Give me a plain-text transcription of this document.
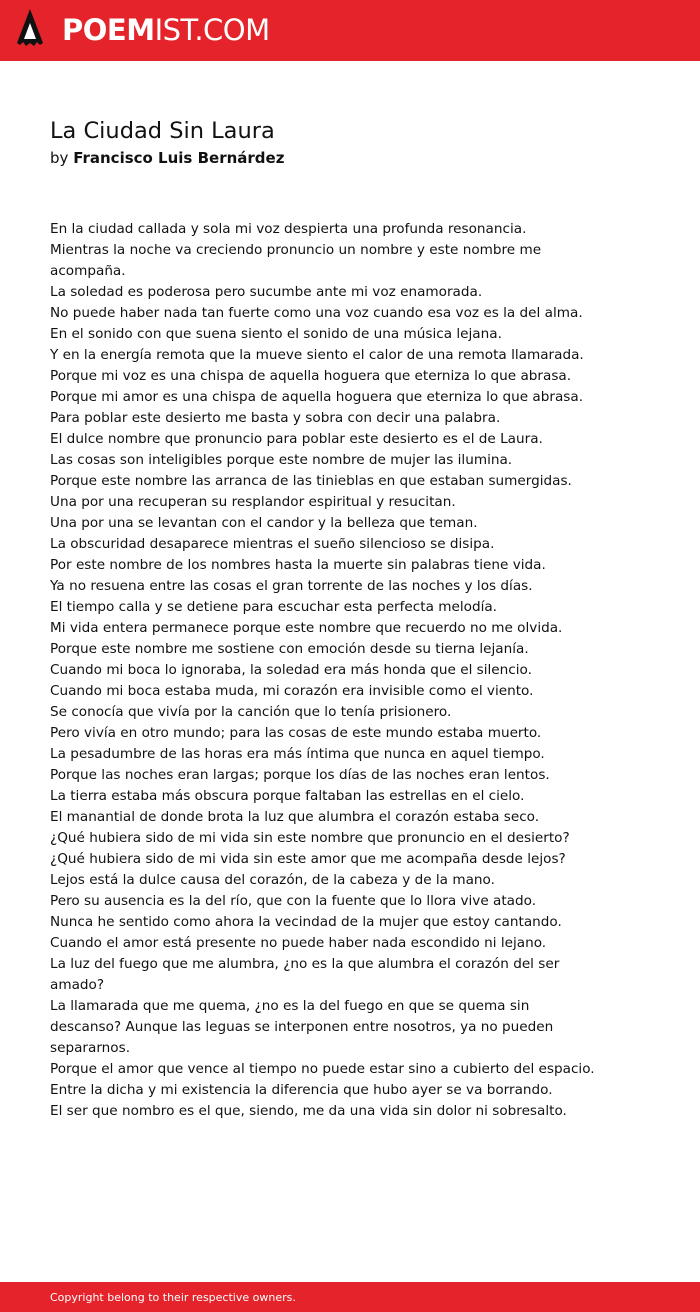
POEMIST.COM
La Ciudad Sin Laura
by Francisco Luis Bernárdez
En la ciudad callada y sola mi voz despierta una profunda resonancia.
Mientras la noche va creciendo pronuncio un nombre y este nombre me acompaña.
La soledad es poderosa pero sucumbe ante mi voz enamorada.
No puede haber nada tan fuerte como una voz cuando esa voz es la del alma.
En el sonido con que suena siento el sonido de una música lejana.
Y en la energía remota que la mueve siento el calor de una remota llamarada.
Porque mi voz es una chispa de aquella hoguera que eterniza lo que abrasa.
Porque mi amor es una chispa de aquella hoguera que eterniza lo que abrasa.
Para poblar este desierto me basta y sobra con decir una palabra.
El dulce nombre que pronuncio para poblar este desierto es el de Laura.
Las cosas son inteligibles porque este nombre de mujer las ilumina.
Porque este nombre las arranca de las tinieblas en que estaban sumergidas.
Una por una recuperan su resplandor espiritual y resucitan.
Una por una se levantan con el candor y la belleza que teman.
La obscuridad desaparece mientras el sueño silencioso se disipa.
Por este nombre de los nombres hasta la muerte sin palabras tiene vida.
Ya no resuena entre las cosas el gran torrente de las noches y los días.
El tiempo calla y se detiene para escuchar esta perfecta melodía.
Mi vida entera permanece porque este nombre que recuerdo no me olvida.
Porque este nombre me sostiene con emoción desde su tierna lejanía.
Cuando mi boca lo ignoraba, la soledad era más honda que el silencio.
Cuando mi boca estaba muda, mi corazón era invisible como el viento.
Se conocía que vivía por la canción que lo tenía prisionero.
Pero vivía en otro mundo; para las cosas de este mundo estaba muerto.
La pesadumbre de las horas era más íntima que nunca en aquel tiempo.
Porque las noches eran largas; porque los días de las noches eran lentos.
La tierra estaba más obscura porque faltaban las estrellas en el cielo.
El manantial de donde brota la luz que alumbra el corazón estaba seco.
¿Qué hubiera sido de mi vida sin este nombre que pronuncio en el desierto?
¿Qué hubiera sido de mi vida sin este amor que me acompaña desde lejos?
Lejos está la dulce causa del corazón, de la cabeza y de la mano.
Pero su ausencia es la del río, que con la fuente que lo llora vive atado.
Nunca he sentido como ahora la vecindad de la mujer que estoy cantando.
Cuando el amor está presente no puede haber nada escondido ni lejano.
La luz del fuego que me alumbra, ¿no es la que alumbra el corazón del ser amado?
La llamarada que me quema, ¿no es la del fuego en que se quema sin descanso? Aunque las leguas se interponen entre nosotros, ya no pueden separarnos.
Porque el amor que vence al tiempo no puede estar sino a cubierto del espacio.
Entre la dicha y mi existencia la diferencia que hubo ayer se va borrando.
El ser que nombro es el que, siendo, me da una vida sin dolor ni sobresalto.
Copyright belong to their respective owners.
